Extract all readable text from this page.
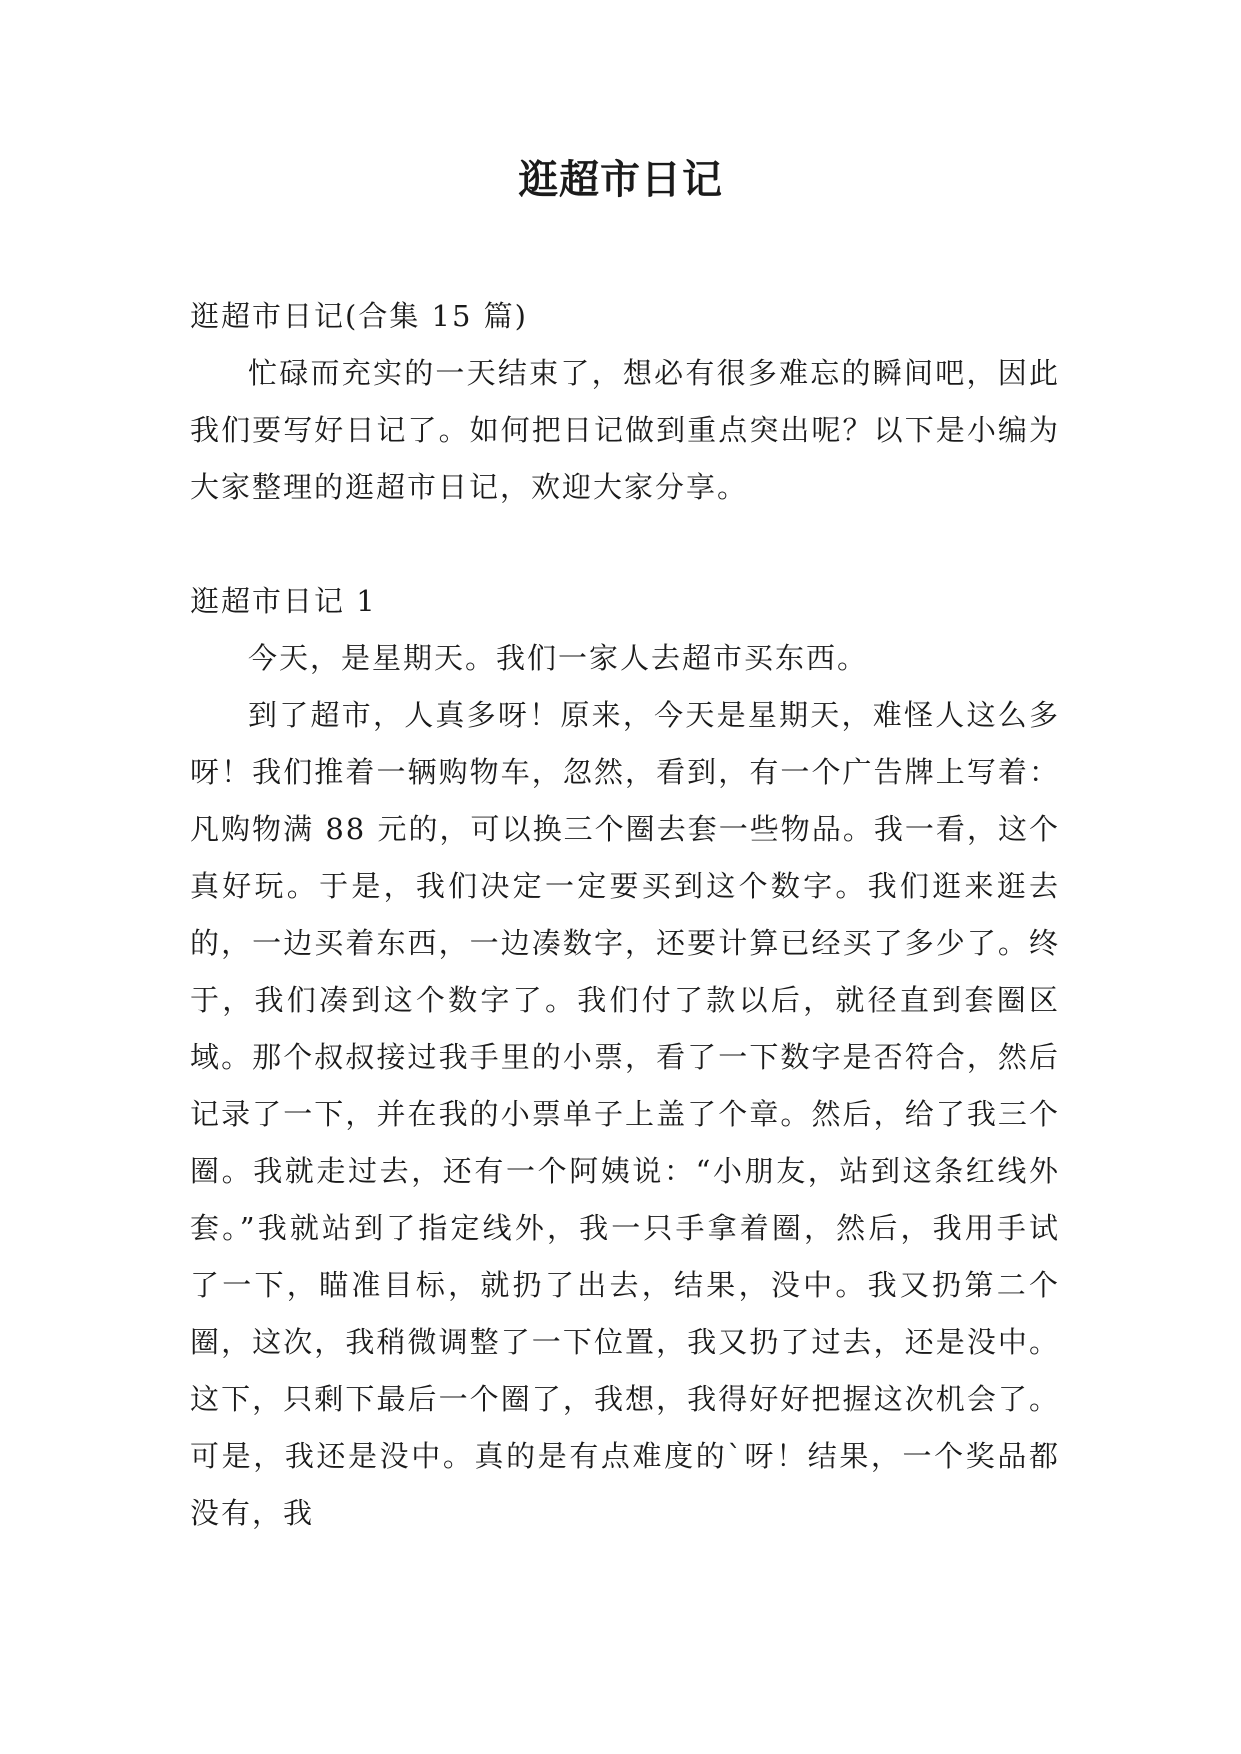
逛超市日记

逛超市日记(合集 15 篇)

忙碌而充实的一天结束了，想必有很多难忘的瞬间吧，因此我们要写好日记了。如何把日记做到重点突出呢？以下是小编为大家整理的逛超市日记，欢迎大家分享。

逛超市日记 1

今天，是星期天。我们一家人去超市买东西。

到了超市，人真多呀！原来，今天是星期天，难怪人这么多呀！我们推着一辆购物车，忽然，看到，有一个广告牌上写着：凡购物满 88 元的，可以换三个圈去套一些物品。我一看，这个真好玩。于是，我们决定一定要买到这个数字。我们逛来逛去的，一边买着东西，一边凑数字，还要计算已经买了多少了。终于，我们凑到这个数字了。我们付了款以后，就径直到套圈区域。那个叔叔接过我手里的小票，看了一下数字是否符合，然后记录了一下，并在我的小票单子上盖了个章。然后，给了我三个圈。我就走过去，还有一个阿姨说：“小朋友，站到这条红线外套。”我就站到了指定线外，我一只手拿着圈，然后，我用手试了一下，瞄准目标，就扔了出去，结果，没中。我又扔第二个圈，这次，我稍微调整了一下位置，我又扔了过去，还是没中。这下，只剩下最后一个圈了，我想，我得好好把握这次机会了。可是，我还是没中。真的是有点难度的`呀！结果，一个奖品都没有，我
